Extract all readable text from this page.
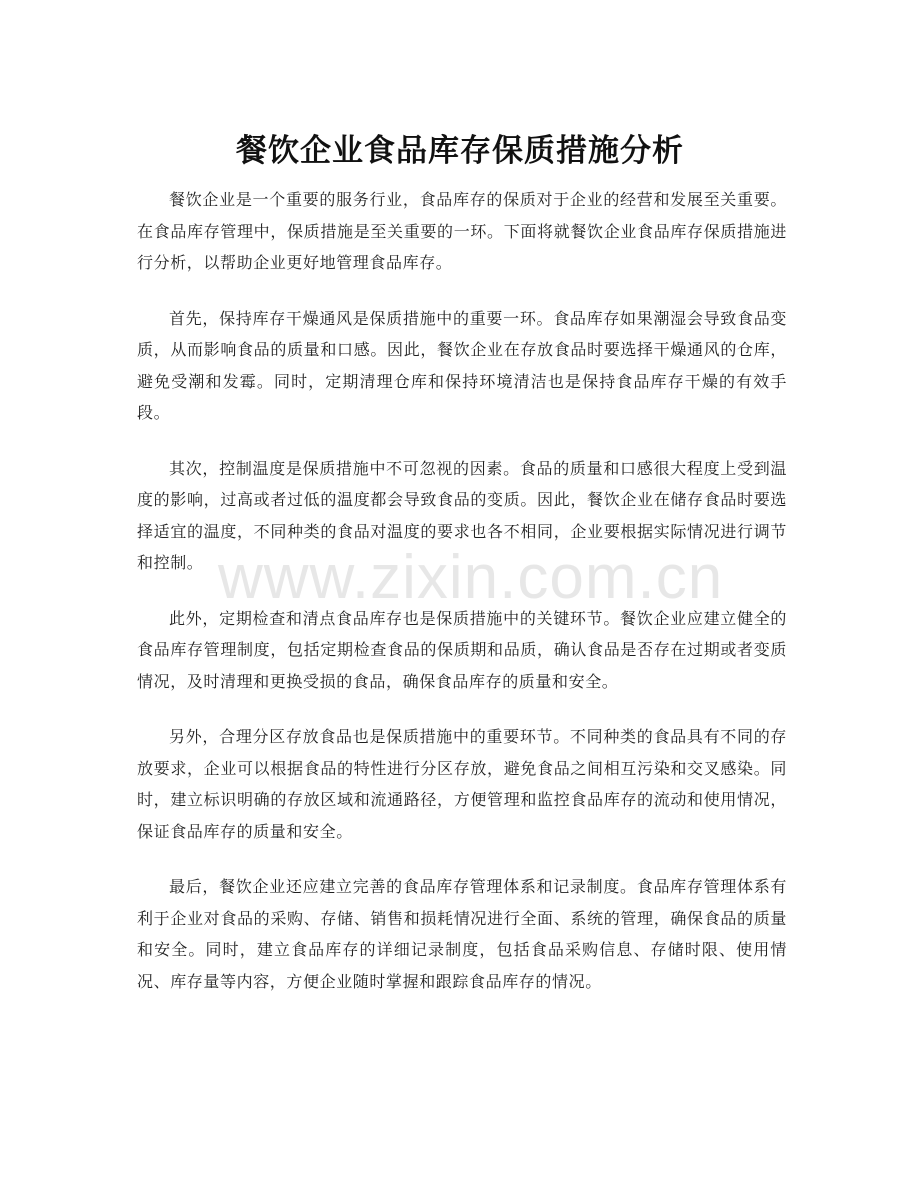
餐饮企业食品库存保质措施分析

餐饮企业是一个重要的服务行业，食品库存的保质对于企业的经营和发展至关重要。在食品库存管理中，保质措施是至关重要的一环。下面将就餐饮企业食品库存保质措施进行分析，以帮助企业更好地管理食品库存。

首先，保持库存干燥通风是保质措施中的重要一环。食品库存如果潮湿会导致食品变质，从而影响食品的质量和口感。因此，餐饮企业在存放食品时要选择干燥通风的仓库，避免受潮和发霉。同时，定期清理仓库和保持环境清洁也是保持食品库存干燥的有效手段。

其次，控制温度是保质措施中不可忽视的因素。食品的质量和口感很大程度上受到温度的影响，过高或者过低的温度都会导致食品的变质。因此，餐饮企业在储存食品时要选择适宜的温度，不同种类的食品对温度的要求也各不相同，企业要根据实际情况进行调节和控制。

此外，定期检查和清点食品库存也是保质措施中的关键环节。餐饮企业应建立健全的食品库存管理制度，包括定期检查食品的保质期和品质，确认食品是否存在过期或者变质情况，及时清理和更换受损的食品，确保食品库存的质量和安全。

另外，合理分区存放食品也是保质措施中的重要环节。不同种类的食品具有不同的存放要求，企业可以根据食品的特性进行分区存放，避免食品之间相互污染和交叉感染。同时，建立标识明确的存放区域和流通路径，方便管理和监控食品库存的流动和使用情况，保证食品库存的质量和安全。

最后，餐饮企业还应建立完善的食品库存管理体系和记录制度。食品库存管理体系有利于企业对食品的采购、存储、销售和损耗情况进行全面、系统的管理，确保食品的质量和安全。同时，建立食品库存的详细记录制度，包括食品采购信息、存储时限、使用情况、库存量等内容，方便企业随时掌握和跟踪食品库存的情况。

www.zixin.com.cn
